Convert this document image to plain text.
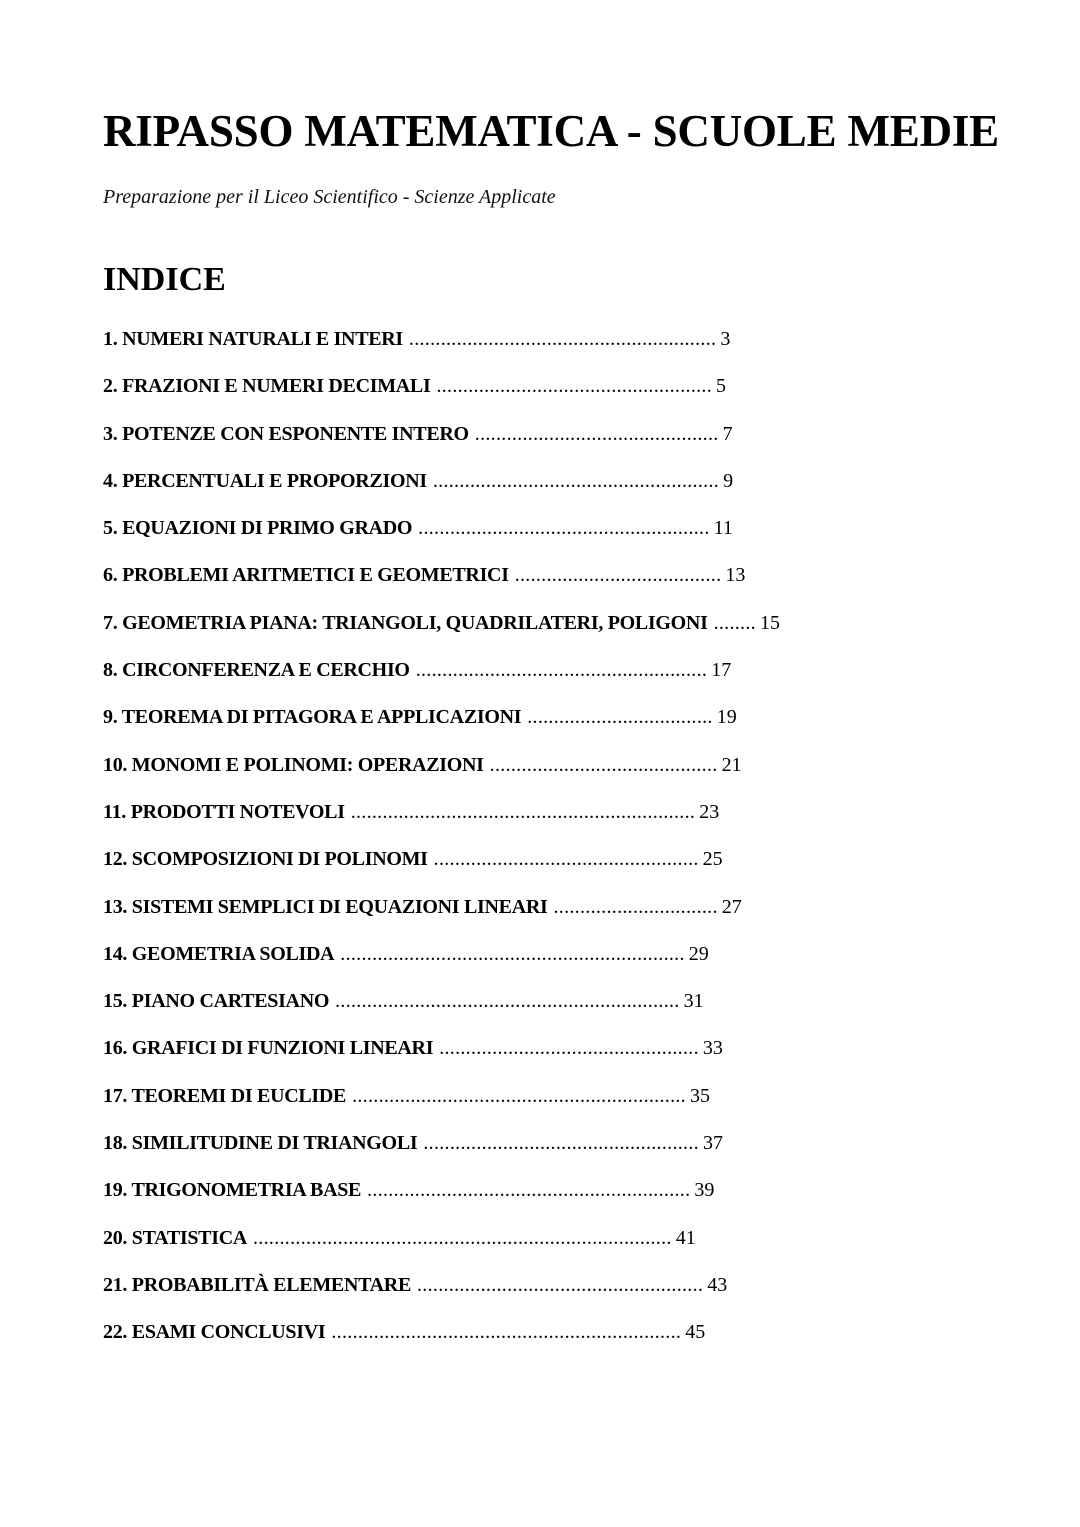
RIPASSO MATEMATICA - SCUOLE MEDIE

Preparazione per il Liceo Scientifico - Scienze Applicate

INDICE
1. NUMERI NATURALI E INTERI .......................................................... 3
2. FRAZIONI E NUMERI DECIMALI .................................................... 5
3. POTENZE CON ESPONENTE INTERO .............................................. 7
4. PERCENTUALI E PROPORZIONI ...................................................... 9
5. EQUAZIONI DI PRIMO GRADO ....................................................... 11
6. PROBLEMI ARITMETICI E GEOMETRICI ....................................... 13
7. GEOMETRIA PIANA: TRIANGOLI, QUADRILATERI, POLIGONI ........ 15
8. CIRCONFERENZA E CERCHIO ....................................................... 17
9. TEOREMA DI PITAGORA E APPLICAZIONI ................................... 19
10. MONOMI E POLINOMI: OPERAZIONI ........................................... 21
11. PRODOTTI NOTEVOLI ................................................................. 23
12. SCOMPOSIZIONI DI POLINOMI .................................................. 25
13. SISTEMI SEMPLICI DI EQUAZIONI LINEARI ............................... 27
14. GEOMETRIA SOLIDA ................................................................. 29
15. PIANO CARTESIANO ................................................................. 31
16. GRAFICI DI FUNZIONI LINEARI ................................................. 33
17. TEOREMI DI EUCLIDE ............................................................... 35
18. SIMILITUDINE DI TRIANGOLI .................................................... 37
19. TRIGONOMETRIA BASE ............................................................. 39
20. STATISTICA ............................................................................... 41
21. PROBABILITÀ ELEMENTARE ...................................................... 43
22. ESAMI CONCLUSIVI .................................................................. 45
